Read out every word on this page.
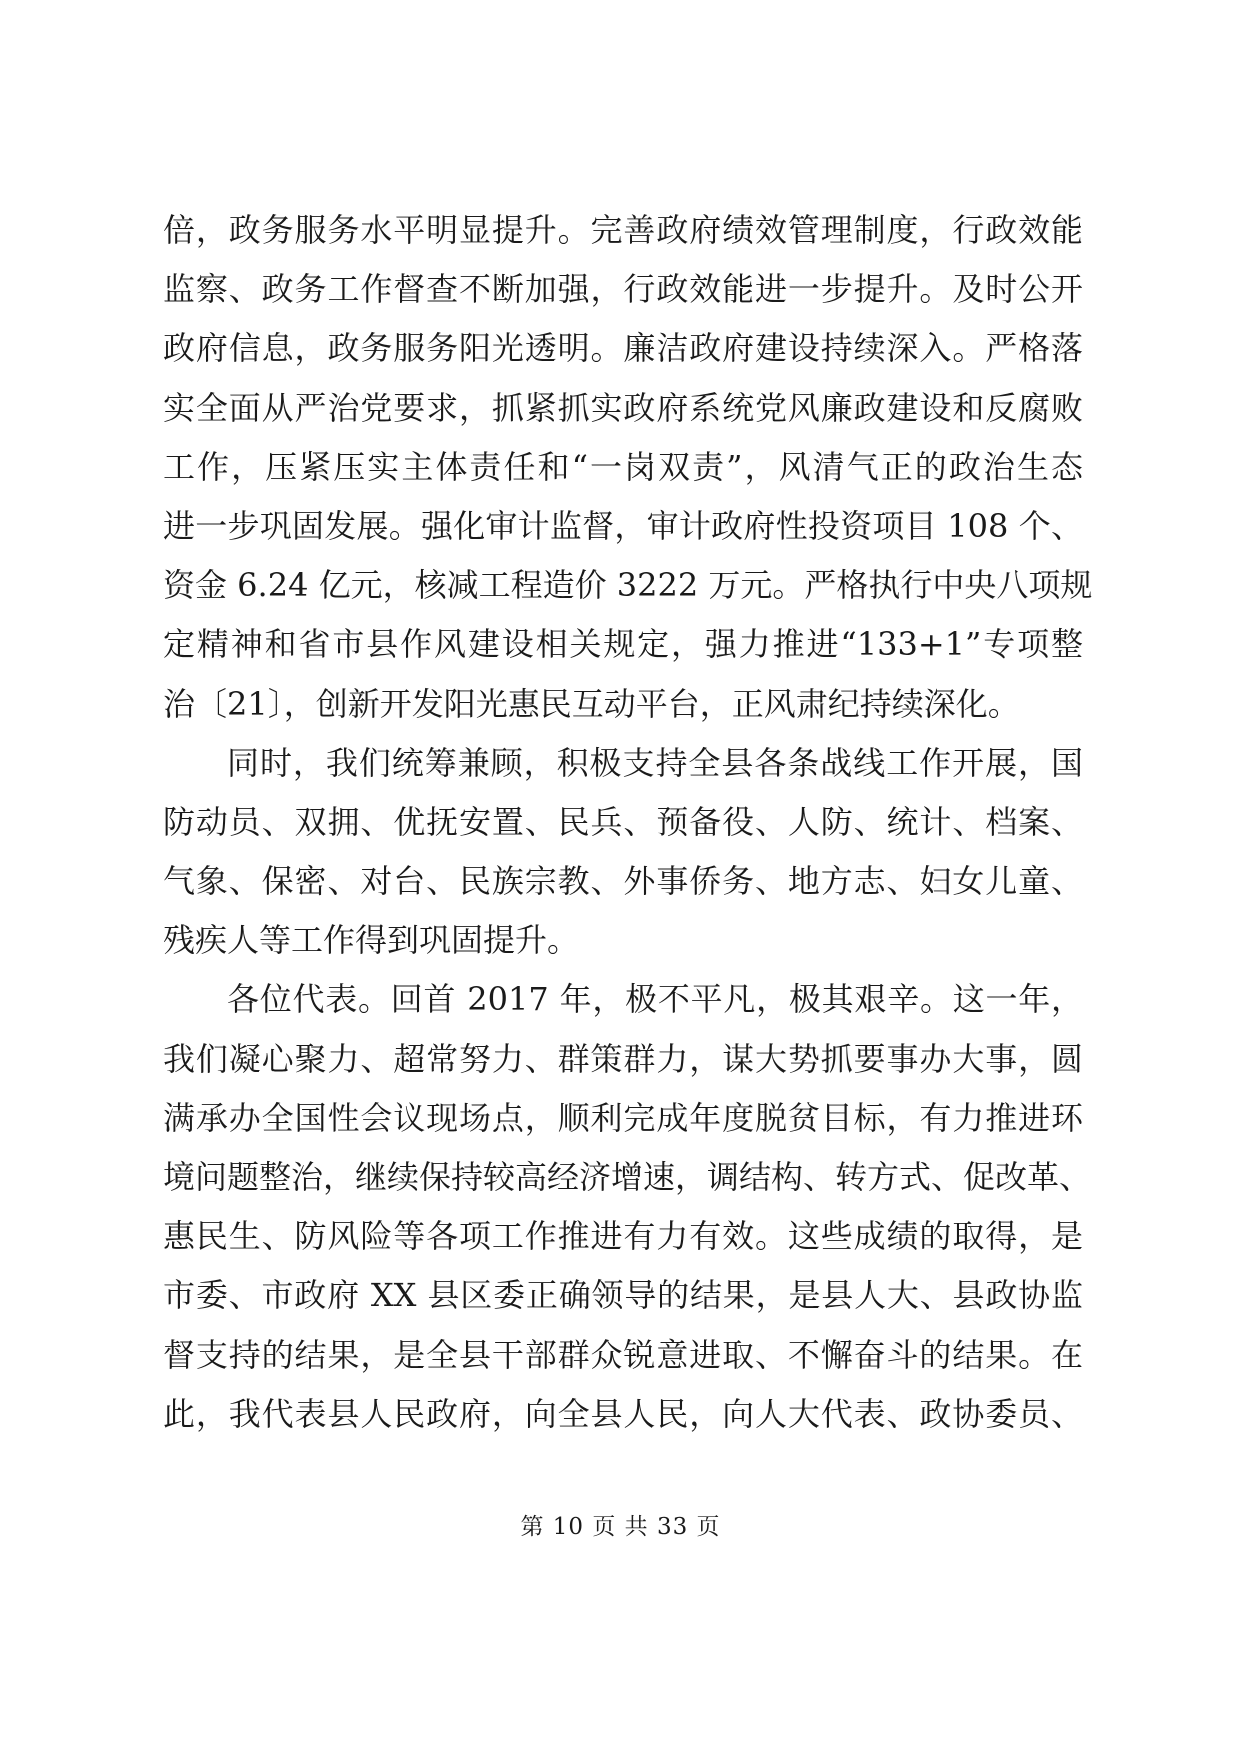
倍，政务服务水平明显提升。完善政府绩效管理制度，行政效能
监察、政务工作督查不断加强，行政效能进一步提升。及时公开
政府信息，政务服务阳光透明。廉洁政府建设持续深入。严格落
实全面从严治党要求，抓紧抓实政府系统党风廉政建设和反腐败
工作，压紧压实主体责任和“一岗双责”，风清气正的政治生态
进一步巩固发展。强化审计监督，审计政府性投资项目 108 个、
资金 6.24 亿元，核减工程造价 3222 万元。严格执行中央八项规
定精神和省市县作风建设相关规定，强力推进“133+1”专项整
治〔21〕，创新开发阳光惠民互动平台，正风肃纪持续深化。
同时，我们统筹兼顾，积极支持全县各条战线工作开展，国
防动员、双拥、优抚安置、民兵、预备役、人防、统计、档案、
气象、保密、对台、民族宗教、外事侨务、地方志、妇女儿童、
残疾人等工作得到巩固提升。
各位代表。回首 2017 年，极不平凡，极其艰辛。这一年，
我们凝心聚力、超常努力、群策群力，谋大势抓要事办大事，圆
满承办全国性会议现场点，顺利完成年度脱贫目标，有力推进环
境问题整治，继续保持较高经济增速，调结构、转方式、促改革、
惠民生、防风险等各项工作推进有力有效。这些成绩的取得，是
市委、市政府 XX 县区委正确领导的结果，是县人大、县政协监
督支持的结果，是全县干部群众锐意进取、不懈奋斗的结果。在
此，我代表县人民政府，向全县人民，向人大代表、政协委员、
第 10 页 共 33 页
